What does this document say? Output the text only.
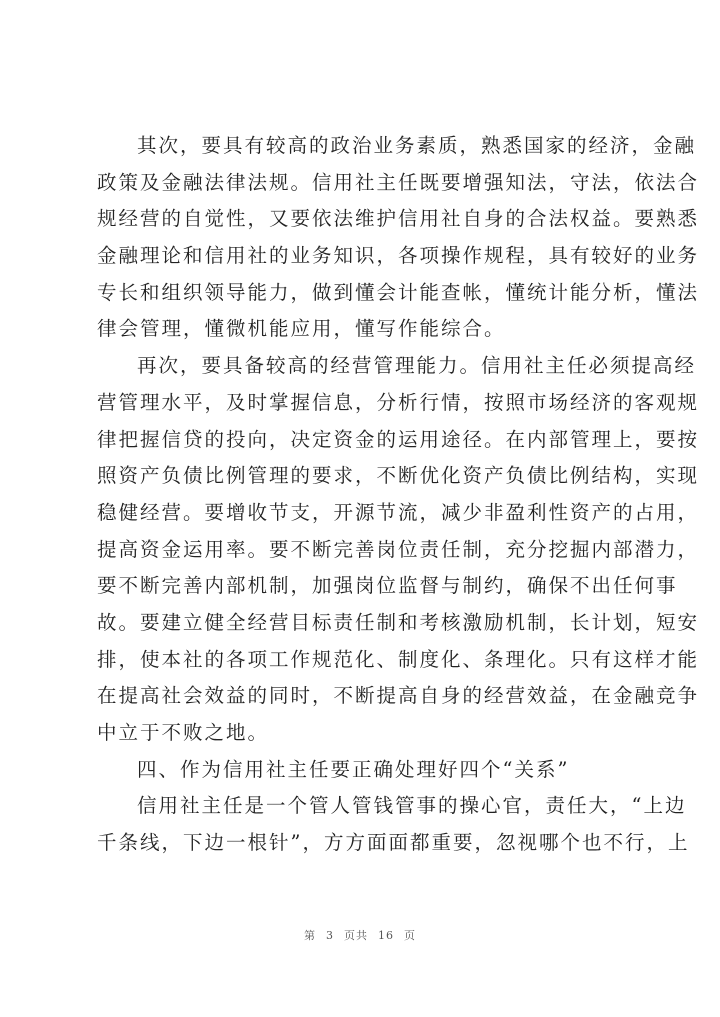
其次，要具有较高的政治业务素质，熟悉国家的经济，金融
政策及金融法律法规。信用社主任既要增强知法，守法，依法合
规经营的自觉性，又要依法维护信用社自身的合法权益。要熟悉
金融理论和信用社的业务知识，各项操作规程，具有较好的业务
专长和组织领导能力，做到懂会计能查帐，懂统计能分析，懂法
律会管理，懂微机能应用，懂写作能综合。
再次，要具备较高的经营管理能力。信用社主任必须提高经
营管理水平，及时掌握信息，分析行情，按照市场经济的客观规
律把握信贷的投向，决定资金的运用途径。在内部管理上，要按
照资产负债比例管理的要求，不断优化资产负债比例结构，实现
稳健经营。要增收节支，开源节流，减少非盈利性资产的占用，
提高资金运用率。要不断完善岗位责任制，充分挖掘内部潜力，
要不断完善内部机制，加强岗位监督与制约，确保不出任何事
故。要建立健全经营目标责任制和考核激励机制，长计划，短安
排，使本社的各项工作规范化、制度化、条理化。只有这样才能
在提高社会效益的同时，不断提高自身的经营效益，在金融竞争
中立于不败之地。
四、作为信用社主任要正确处理好四个“关系”
信用社主任是一个管人管钱管事的操心官，责任大，“上边
千条线，下边一根针”，方方面面都重要，忽视哪个也不行，上
第 3 页共 16 页
